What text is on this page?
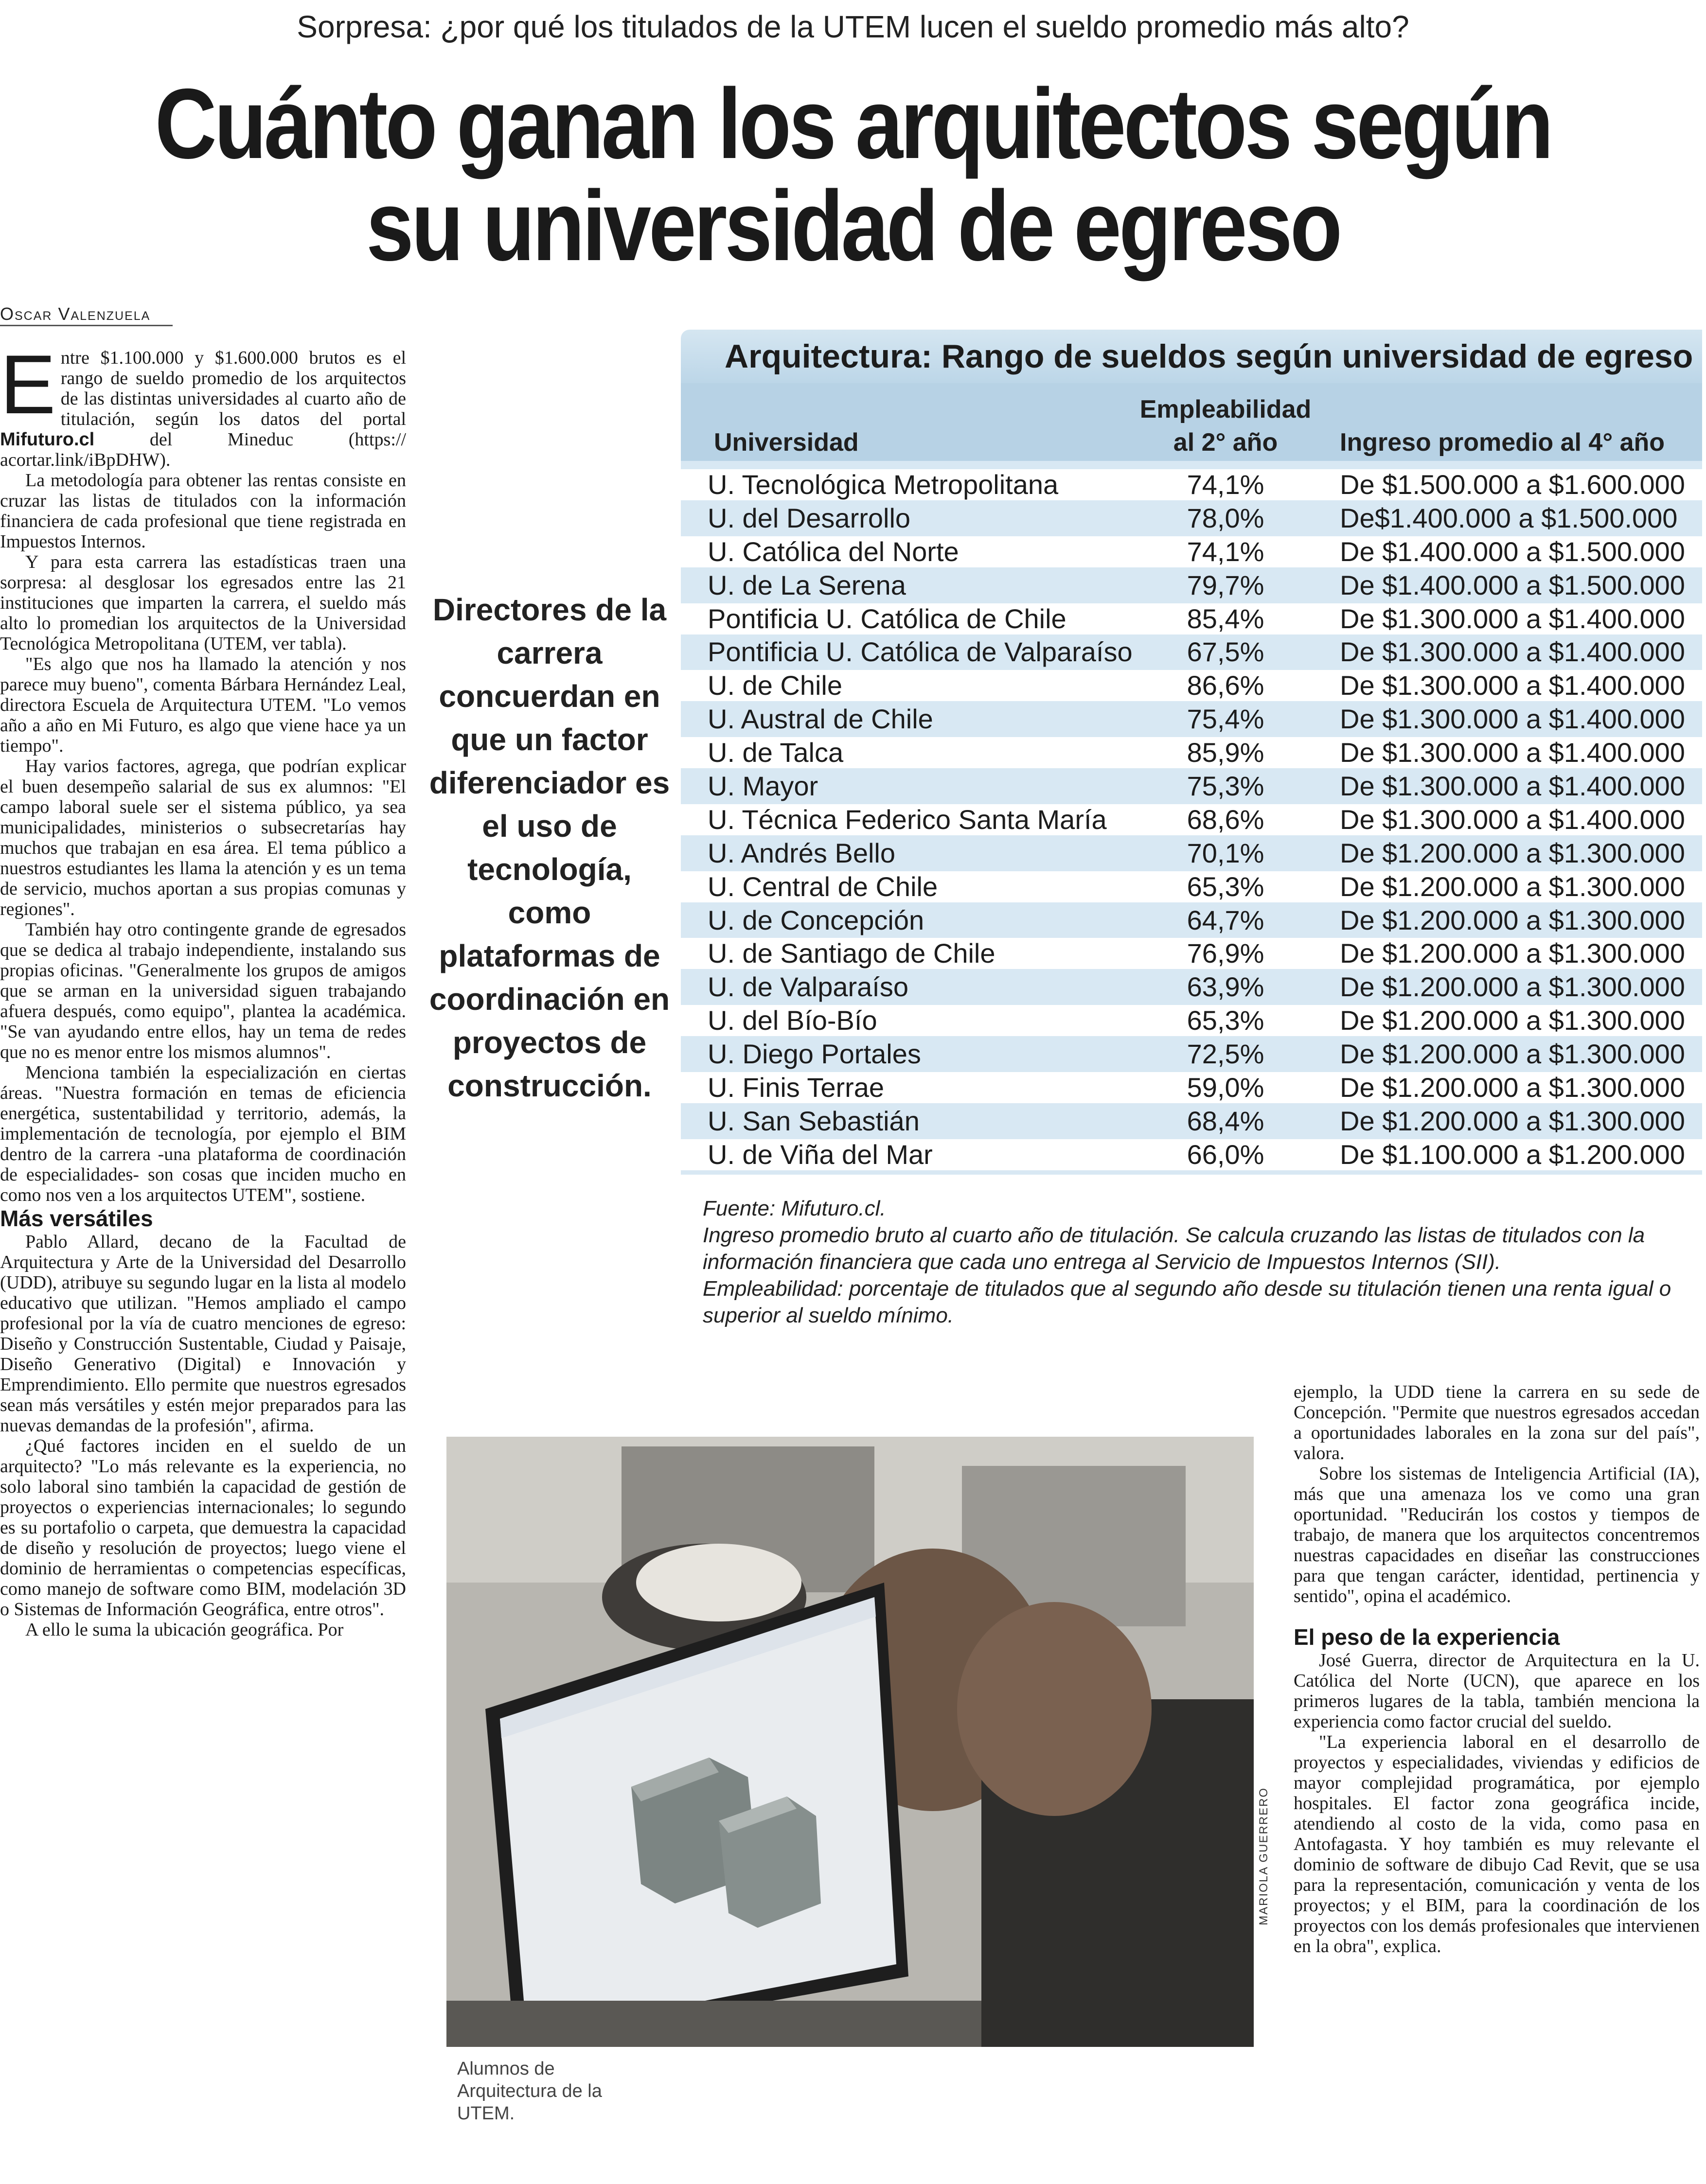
Sorpresa: ¿por qué los titulados de la UTEM lucen el sueldo promedio más alto?
Cuánto ganan los arquitectos según
su universidad de egreso
Oscar Valenzuela

Entre $1.100.000 y $1.600.000 brutos es el rango de sueldo promedio de los arquitectos de las distintas universidades al cuarto año de titulación, según los datos del portal Mifuturo.cl del Mineduc (https:// acortar.link/iBpDHW).

La metodología para obtener las rentas consiste en cruzar las listas de titulados con la información financiera de cada profesional que tiene registrada en Impuestos Internos.

Y para esta carrera las estadísticas traen una sorpresa: al desglosar los egresados entre las 21 instituciones que imparten la carrera, el sueldo más alto lo promedian los arquitectos de la Universidad Tecnológica Metropolitana (UTEM, ver tabla).

"Es algo que nos ha llamado la atención y nos parece muy bueno", comenta Bárbara Hernández Leal, directora Escuela de Arquitectura UTEM. "Lo vemos año a año en Mi Futuro, es algo que viene hace ya un tiempo".

Hay varios factores, agrega, que podrían explicar el buen desempeño salarial de sus ex alumnos: "El campo laboral suele ser el sistema público, ya sea municipalidades, ministerios o subsecretarías hay muchos que trabajan en esa área. El tema público a nuestros estudiantes les llama la atención y es un tema de servicio, muchos aportan a sus propias comunas y regiones".

También hay otro contingente grande de egresados que se dedica al trabajo independiente, instalando sus propias oficinas. "Generalmente los grupos de amigos que se arman en la universidad siguen trabajando afuera después, como equipo", plantea la académica. "Se van ayudando entre ellos, hay un tema de redes que no es menor entre los mismos alumnos".

Menciona también la especialización en ciertas áreas. "Nuestra formación en temas de eficiencia energética, sustentabilidad y territorio, además, la implementación de tecnología, por ejemplo el BIM dentro de la carrera -una plataforma de coordinación de especialidades- son cosas que inciden mucho en como nos ven a los arquitectos UTEM", sostiene.

Más versátiles

Pablo Allard, decano de la Facultad de Arquitectura y Arte de la Universidad del Desarrollo (UDD), atribuye su segundo lugar en la lista al modelo educativo que utilizan. "Hemos ampliado el campo profesional por la vía de cuatro menciones de egreso: Diseño y Construcción Sustentable, Ciudad y Paisaje, Diseño Generativo (Digital) e Innovación y Emprendimiento. Ello permite que nuestros egresados sean más versátiles y estén mejor preparados para las nuevas demandas de la profesión", afirma.

¿Qué factores inciden en el sueldo de un arquitecto? "Lo más relevante es la experiencia, no solo laboral sino también la capacidad de gestión de proyectos o experiencias internacionales; lo segundo es su portafolio o carpeta, que demuestra la capacidad de diseño y resolución de proyectos; luego viene el dominio de herramientas o competencias específicas, como manejo de software como BIM, modelación 3D o Sistemas de Información Geográfica, entre otros".

A ello le suma la ubicación geográfica. Por

Directores de la carrera concuerdan en que un factor diferenciador es el uso de tecnología, como plataformas de coordinación en proyectos de construcción.
Arquitectura: Rango de sueldos según universidad de egreso
Universidad
Empleabilidad
al 2° año	Ingreso promedio al 4° año
U. Tecnológica Metropolitana	74,1%	De $1.500.000 a $1.600.000
U. del Desarrollo	78,0%	De$1.400.000 a $1.500.000
U. Católica del Norte	74,1%	De $1.400.000 a $1.500.000
U. de La Serena	79,7%	De $1.400.000 a $1.500.000
Pontificia U. Católica de Chile	85,4%	De $1.300.000 a $1.400.000
Pontificia U. Católica de Valparaíso	67,5%	De $1.300.000 a $1.400.000
U. de Chile	86,6%	De $1.300.000 a $1.400.000
U. Austral de Chile	75,4%	De $1.300.000 a $1.400.000
U. de Talca	85,9%	De $1.300.000 a $1.400.000
U. Mayor	75,3%	De $1.300.000 a $1.400.000
U. Técnica Federico Santa María	68,6%	De $1.300.000 a $1.400.000
U. Andrés Bello	70,1%	De $1.200.000 a $1.300.000
U. Central de Chile	65,3%	De $1.200.000 a $1.300.000
U. de Concepción	64,7%	De $1.200.000 a $1.300.000
U. de Santiago de Chile	76,9%	De $1.200.000 a $1.300.000
U. de Valparaíso	63,9%	De $1.200.000 a $1.300.000
U. del Bío-Bío	65,3%	De $1.200.000 a $1.300.000
U. Diego Portales	72,5%	De $1.200.000 a $1.300.000
U. Finis Terrae	59,0%	De $1.200.000 a $1.300.000
U. San Sebastián	68,4%	De $1.200.000 a $1.300.000
U. de Viña del Mar	66,0%	De $1.100.000 a $1.200.000
Fuente: Mifuturo.cl.
Ingreso promedio bruto al cuarto año de titulación. Se calcula cruzando las listas de titulados con la información financiera que cada uno entrega al Servicio de Impuestos Internos (SII).
Empleabilidad: porcentaje de titulados que al segundo año desde su titulación tienen una renta igual o superior al sueldo mínimo.
MARIOLA GUERRERO
Alumnos de Arquitectura de la UTEM.

ejemplo, la UDD tiene la carrera en su sede de Concepción. "Permite que nuestros egresados accedan a oportunidades laborales en la zona sur del país", valora.

Sobre los sistemas de Inteligencia Artificial (IA), más que una amenaza los ve como una gran oportunidad. "Reducirán los costos y tiempos de trabajo, de manera que los arquitectos concentremos nuestras capacidades en diseñar las construcciones para que tengan carácter, identidad, pertinencia y sentido", opina el académico.

El peso de la experiencia

José Guerra, director de Arquitectura en la U. Católica del Norte (UCN), que aparece en los primeros lugares de la tabla, también menciona la experiencia como factor crucial del sueldo.

"La experiencia laboral en el desarrollo de proyectos y especialidades, viviendas y edificios de mayor complejidad programática, por ejemplo hospitales. El factor zona geográfica incide, atendiendo al costo de la vida, como pasa en Antofagasta. Y hoy también es muy relevante el dominio de software de dibujo Cad Revit, que se usa para la representación, comunicación y venta de los proyectos; y el BIM, para la coordinación de los proyectos con los demás profesionales que intervienen en la obra", explica.
